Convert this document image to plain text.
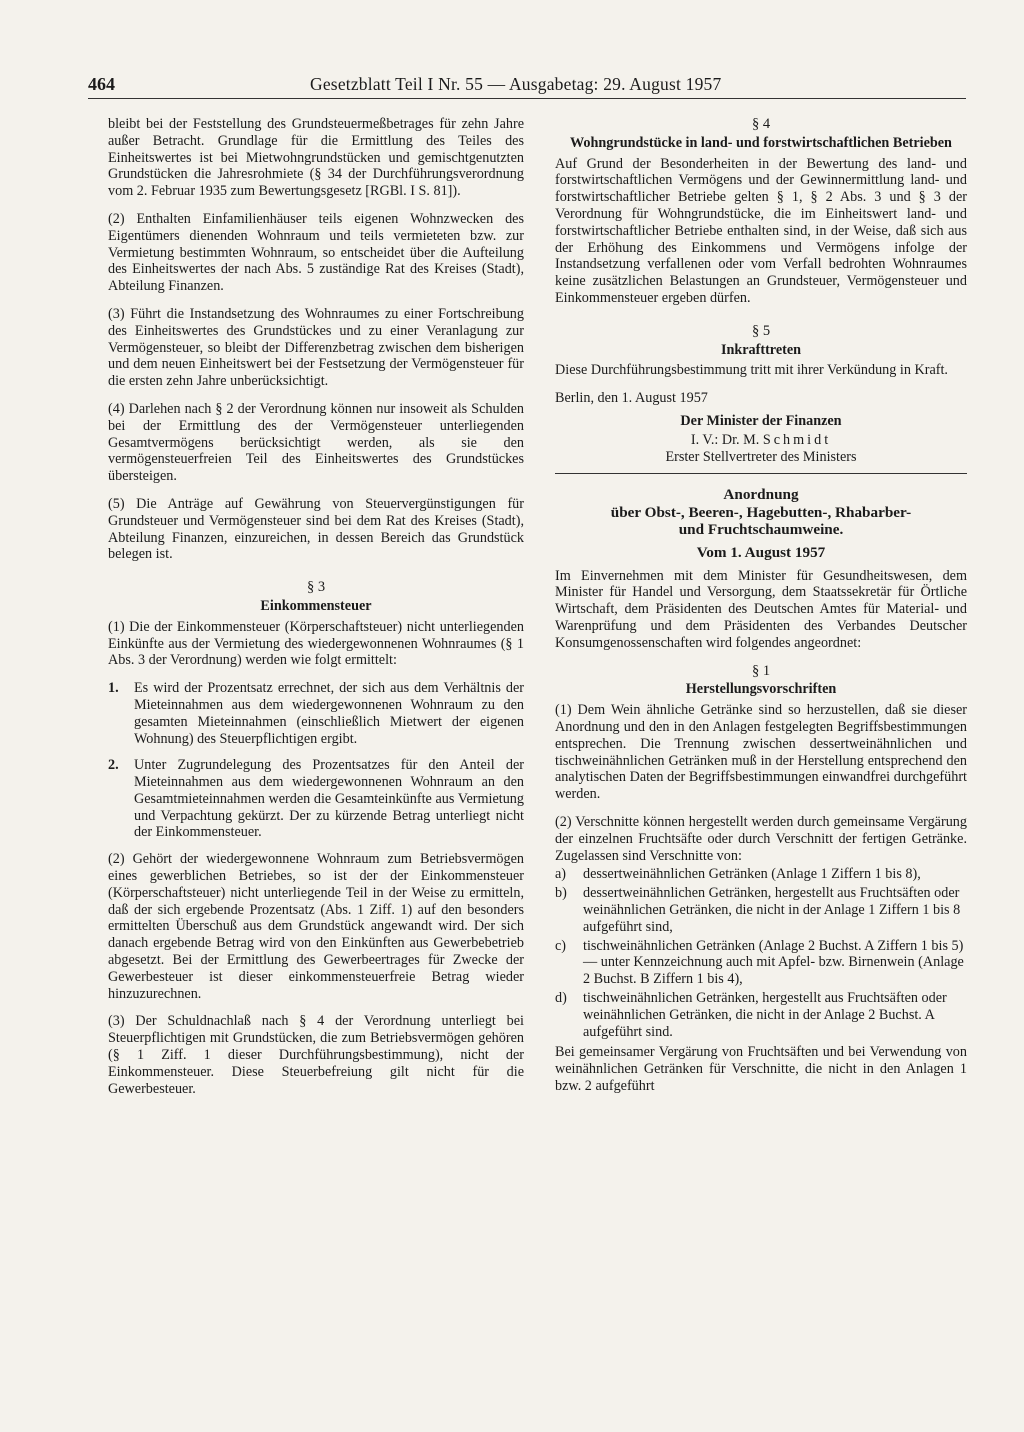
464	Gesetzblatt Teil I Nr. 55 — Ausgabetag: 29. August 1957

bleibt bei der Feststellung des Grundsteuermeßbetrages für zehn Jahre außer Betracht. Grundlage für die Ermittlung des Teiles des Einheitswertes ist bei Mietwohngrundstücken und gemischtgenutzten Grundstücken die Jahresrohmiete (§ 34 der Durchführungsverordnung vom 2. Februar 1935 zum Bewertungsgesetz [RGBl. I S. 81]).

(2) Enthalten Einfamilienhäuser teils eigenen Wohnzwecken des Eigentümers dienenden Wohnraum und teils vermieteten bzw. zur Vermietung bestimmten Wohnraum, so entscheidet über die Aufteilung des Einheitswertes der nach Abs. 5 zuständige Rat des Kreises (Stadt), Abteilung Finanzen.

(3) Führt die Instandsetzung des Wohnraumes zu einer Fortschreibung des Einheitswertes des Grundstückes und zu einer Veranlagung zur Vermögensteuer, so bleibt der Differenzbetrag zwischen dem bisherigen und dem neuen Einheitswert bei der Festsetzung der Vermögensteuer für die ersten zehn Jahre unberücksichtigt.

(4) Darlehen nach § 2 der Verordnung können nur insoweit als Schulden bei der Ermittlung des der Vermögensteuer unterliegenden Gesamtvermögens berücksichtigt werden, als sie den vermögensteuerfreien Teil des Einheitswertes des Grundstückes übersteigen.

(5) Die Anträge auf Gewährung von Steuervergünstigungen für Grundsteuer und Vermögensteuer sind bei dem Rat des Kreises (Stadt), Abteilung Finanzen, einzureichen, in dessen Bereich das Grundstück belegen ist.

§ 3
Einkommensteuer

(1) Die der Einkommensteuer (Körperschaftsteuer) nicht unterliegenden Einkünfte aus der Vermietung des wiedergewonnenen Wohnraumes (§ 1 Abs. 3 der Verordnung) werden wie folgt ermittelt:

1.	Es wird der Prozentsatz errechnet, der sich aus dem Verhältnis der Mieteinnahmen aus dem wiedergewonnenen Wohnraum zu den gesamten Mieteinnahmen (einschließlich Mietwert der eigenen Wohnung) des Steuerpflichtigen ergibt.
2.	Unter Zugrundelegung des Prozentsatzes für den Anteil der Mieteinnahmen aus dem wiedergewonnenen Wohnraum an den Gesamtmieteinnahmen werden die Gesamteinkünfte aus Vermietung und Verpachtung gekürzt. Der zu kürzende Betrag unterliegt nicht der Einkommensteuer.

(2) Gehört der wiedergewonnene Wohnraum zum Betriebsvermögen eines gewerblichen Betriebes, so ist der der Einkommensteuer (Körperschaftsteuer) nicht unterliegende Teil in der Weise zu ermitteln, daß der sich ergebende Prozentsatz (Abs. 1 Ziff. 1) auf den besonders ermittelten Überschuß aus dem Grundstück angewandt wird. Der sich danach ergebende Betrag wird von den Einkünften aus Gewerbebetrieb abgesetzt. Bei der Ermittlung des Gewerbeertrages für Zwecke der Gewerbesteuer ist dieser einkommensteuerfreie Betrag wieder hinzuzurechnen.

(3) Der Schuldnachlaß nach § 4 der Verordnung unterliegt bei Steuerpflichtigen mit Grundstücken, die zum Betriebsvermögen gehören (§ 1 Ziff. 1 dieser Durchführungsbestimmung), nicht der Einkommensteuer. Diese Steuerbefreiung gilt nicht für die Gewerbesteuer.

§ 4
Wohngrundstücke in land- und forstwirtschaftlichen Betrieben

Auf Grund der Besonderheiten in der Bewertung des land- und forstwirtschaftlichen Vermögens und der Gewinnermittlung land- und forstwirtschaftlicher Betriebe gelten § 1, § 2 Abs. 3 und § 3 der Verordnung für Wohngrundstücke, die im Einheitswert land- und forstwirtschaftlicher Betriebe enthalten sind, in der Weise, daß sich aus der Erhöhung des Einkommens und Vermögens infolge der Instandsetzung verfallenen oder vom Verfall bedrohten Wohnraumes keine zusätzlichen Belastungen an Grundsteuer, Vermögensteuer und Einkommensteuer ergeben dürfen.

§ 5
Inkrafttreten

Diese Durchführungsbestimmung tritt mit ihrer Verkündung in Kraft.

Berlin, den 1. August 1957
Der Minister der Finanzen
I. V.: Dr. M. Schmidt
Erster Stellvertreter des Ministers
Anordnung
über Obst-, Beeren-, Hagebutten-, Rhabarber-
und Fruchtschaumweine.
Vom 1. August 1957

Im Einvernehmen mit dem Minister für Gesundheitswesen, dem Minister für Handel und Versorgung, dem Staatssekretär für Örtliche Wirtschaft, dem Präsidenten des Deutschen Amtes für Material- und Warenprüfung und dem Präsidenten des Verbandes Deutscher Konsumgenossenschaften wird folgendes angeordnet:

§ 1
Herstellungsvorschriften

(1) Dem Wein ähnliche Getränke sind so herzustellen, daß sie dieser Anordnung und den in den Anlagen festgelegten Begriffsbestimmungen entsprechen. Die Trennung zwischen dessertweinähnlichen und tischweinähnlichen Getränken muß in der Herstellung entsprechend den analytischen Daten der Begriffsbestimmungen einwandfrei durchgeführt werden.

(2) Verschnitte können hergestellt werden durch gemeinsame Vergärung der einzelnen Fruchtsäfte oder durch Verschnitt der fertigen Getränke. Zugelassen sind Verschnitte von:

a)	dessertweinähnlichen Getränken (Anlage 1 Ziffern 1 bis 8),
b)	dessertweinähnlichen Getränken, hergestellt aus Fruchtsäften oder weinähnlichen Getränken, die nicht in der Anlage 1 Ziffern 1 bis 8 aufgeführt sind,
c)	tischweinähnlichen Getränken (Anlage 2 Buchst. A Ziffern 1 bis 5) — unter Kennzeichnung auch mit Apfel- bzw. Birnenwein (Anlage 2 Buchst. B Ziffern 1 bis 4),
d)	tischweinähnlichen Getränken, hergestellt aus Fruchtsäften oder weinähnlichen Getränken, die nicht in der Anlage 2 Buchst. A aufgeführt sind.

Bei gemeinsamer Vergärung von Fruchtsäften und bei Verwendung von weinähnlichen Getränken für Verschnitte, die nicht in den Anlagen 1 bzw. 2 aufgeführt
